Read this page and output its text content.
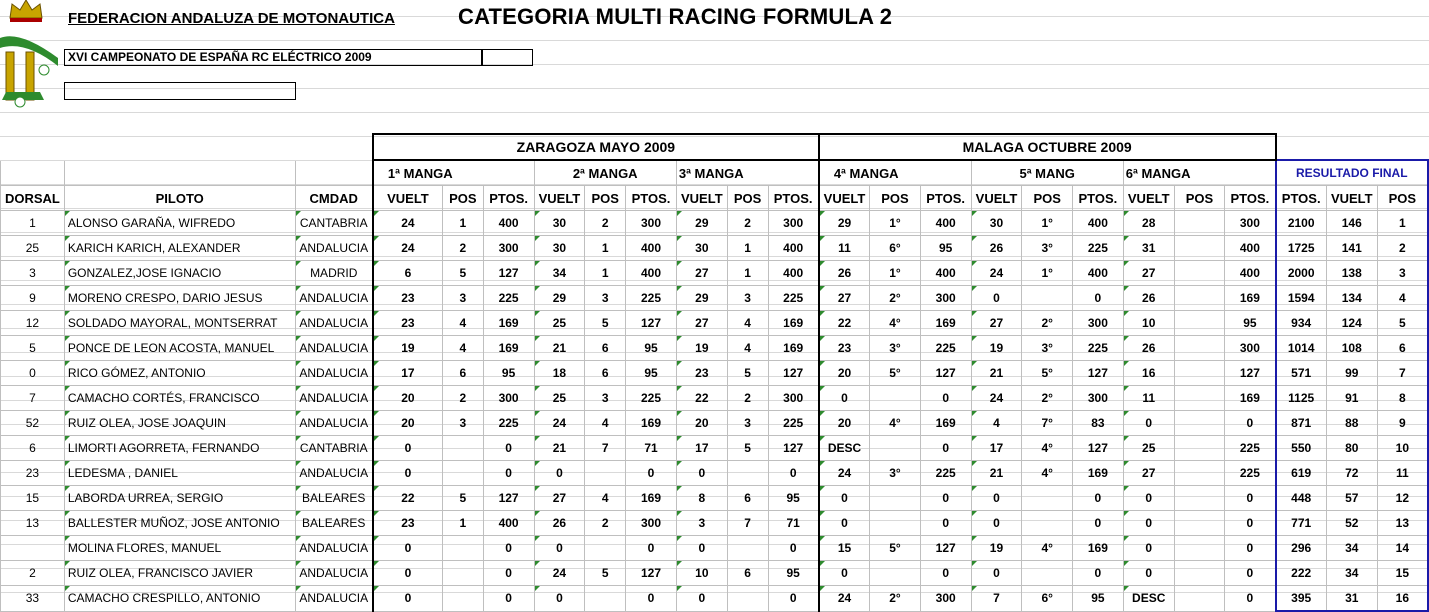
FEDERACION ANDALUZA DE MOTONAUTICA	CATEGORIA MULTI RACING FORMULA 2
XVI CAMPEONATO DE ESPAÑA RC ELÉCTRICO 2009
			ZARAGOZA MAYO 2009									MALAGA OCTUBRE 2009											
			1ª MANGA			2ª MANGA			3ª MANGA			4ª MANGA			5ª MANG			6ª MANGA			RESULTADO FINAL		
DORSAL	PILOTO	CMDAD	VUELT	POS	PTOS.	VUELT	POS	PTOS.	VUELT	POS	PTOS.	VUELT	POS	PTOS.	VUELT	POS	PTOS.	VUELT	POS	PTOS.	PTOS.	VUELT	POS
1	ALONSO GARAÑA, WIFREDO	CANTABRIA	24	1	400	30	2	300	29	2	300	29	1°	400	30	1°	400	28		300	2100	146	1
25	KARICH KARICH, ALEXANDER	ANDALUCIA	24	2	300	30	1	400	30	1	400	11	6°	95	26	3°	225	31		400	1725	141	2
3	GONZALEZ,JOSE IGNACIO	MADRID	6	5	127	34	1	400	27	1	400	26	1°	400	24	1°	400	27		400	2000	138	3
9	MORENO CRESPO, DARIO JESUS	ANDALUCIA	23	3	225	29	3	225	29	3	225	27	2°	300	0		0	26		169	1594	134	4
12	SOLDADO MAYORAL, MONTSERRAT	ANDALUCIA	23	4	169	25	5	127	27	4	169	22	4°	169	27	2°	300	10		95	934	124	5
5	PONCE DE LEON ACOSTA, MANUEL	ANDALUCIA	19	4	169	21	6	95	19	4	169	23	3°	225	19	3°	225	26		300	1014	108	6
0	RICO GÓMEZ, ANTONIO	ANDALUCIA	17	6	95	18	6	95	23	5	127	20	5°	127	21	5°	127	16		127	571	99	7
7	CAMACHO CORTÉS, FRANCISCO	ANDALUCIA	20	2	300	25	3	225	22	2	300	0		0	24	2°	300	11		169	1125	91	8
52	RUIZ OLEA, JOSE JOAQUIN	ANDALUCIA	20	3	225	24	4	169	20	3	225	20	4°	169	4	7°	83	0		0	871	88	9
6	LIMORTI AGORRETA, FERNANDO	CANTABRIA	0		0	21	7	71	17	5	127	DESC		0	17	4°	127	25		225	550	80	10
23	LEDESMA , DANIEL	ANDALUCIA	0		0	0		0	0		0	24	3°	225	21	4°	169	27		225	619	72	11
15	LABORDA URREA, SERGIO	BALEARES	22	5	127	27	4	169	8	6	95	0		0	0		0	0		0	448	57	12
13	BALLESTER MUÑOZ, JOSE ANTONIO	BALEARES	23	1	400	26	2	300	3	7	71	0		0	0		0	0		0	771	52	13
	MOLINA FLORES, MANUEL	ANDALUCIA	0		0	0		0	0		0	15	5°	127	19	4°	169	0		0	296	34	14
2	RUIZ OLEA, FRANCISCO JAVIER	ANDALUCIA	0		0	24	5	127	10	6	95	0		0	0		0	0		0	222	34	15
33	CAMACHO CRESPILLO, ANTONIO	ANDALUCIA	0		0	0		0	0		0	24	2°	300	7	6°	95	DESC		0	395	31	16
